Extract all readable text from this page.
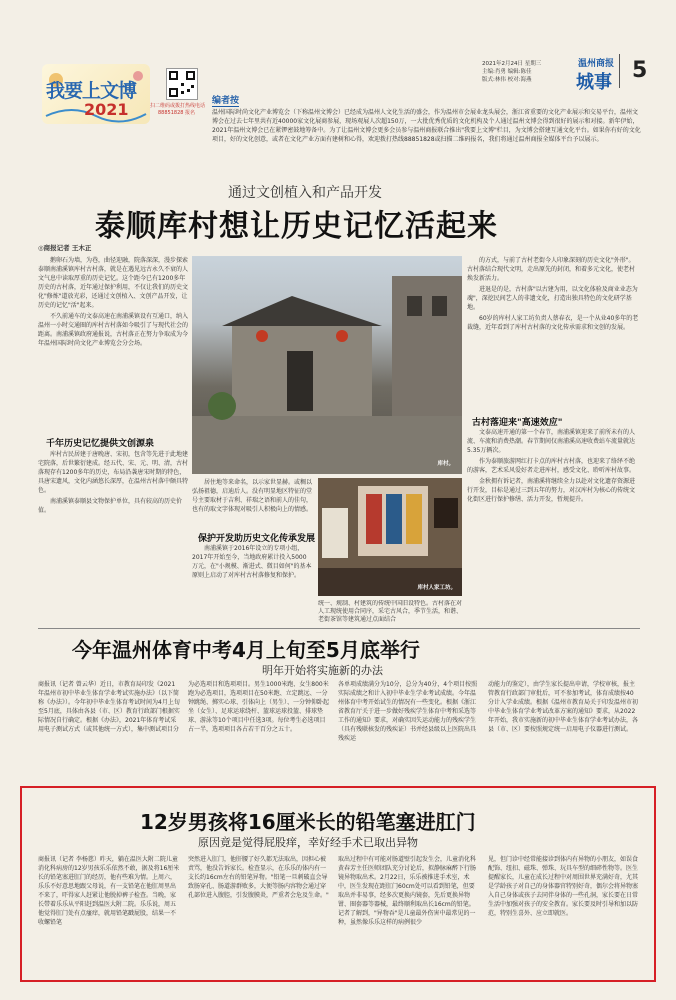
我要上文博
2021	扫二维码或拨打热线电话
88851828 报名
2021年2月24日 星期三
主编:肖勇 编辑:陈佳
版式:林伟 校对:海燕
温州商报
城事 5
编者按
温州国际时尚文化产业博览会（下称温州文博会）已经成为温州人文化生活的盛会，作为温州市会展业龙头展会，浙江省重要的文化产业展示和交易平台，温州文博会在过去七年里共有近40000家文化展商参展，现场观展人次超150万，一大批优秀优质的文化机构及个人通过温州文博会得到很好的展示和对接。新年伊始，2021年温州文博会已在紧锣密鼓地筹备中。为了让温州文博会更多会员参与温州商报联合推出"我要上文博"栏目，为文博会搭建互通文化平台。如果你有好的文化项目，好的文化创意，或者在文化产业方面有建树和心得，欢迎拨打热线88851828或扫描二维码报名，我们将通过温州商报全媒体平台予以展示。
通过文创植入和产品开发
泰顺库村想让历史记忆活起来
◎商报记者 王木正

鹅卵石为墙，为巷，曲径迎融，院落深深，漫步探索泰顺南浦溪镇库村古村落，就是在遇见远古永久不衰的人文气息中读取厚重的历史记忆。这个距今已有1200多年历史的古村落，近年通过保护利用，不仅让我们的历史文化"修炼"道放光彩，还通过文创植入、文创产品开发，让历史的记忆"活"起来。

不久前通车的文泰高速在南浦溪镇设有互通口，纳入温州一小时交通圈的库村古村落如今吸引了与现代社会的距离。南浦溪镇政府通报说，古村落正在努力争取成为今年温州国际时尚文化产业博览会分会场。

千年历史记忆提供文创源泉

库村古民居建于唐晚唐、宋初，包含等先进于此地建宅院落，后世繁衍建成。经五代、宋、元、明、清，古村落现存有1200多年的历史，布局沿袭唐宋时期的特色，具唐宋遗风，文化内涵悠长深厚，在温州古村落中颇具特色。

南浦溪镇泰顺县文物保护单位，具有较高的历史价值。

库村。

居住地等来命名，以示家世显赫。或稠以弘扬祖德，启迪后人。没有明显地区特征的堂号主要取材于吉利、祥瑞之语和前人的佳句，也有的取文字体现对吸引人积极向上的情感。

保护开发助历史文化传承发展

南浦溪镇于2016年设立的专项小组，2017年开始至今，当地政府累计投入5000万元，在"小规模、渐进式、微目如何"的基本原则上启动了对库村古村落修复和保护。

库村人家工坊。
统一、规制、村建筑的传统中国旧设特色。古村落在对人工现统使用合同序，采宅古风合，季节生活，和谐、老街茶馆等建筑通过点面结合

的方式，与前了古村老街今人印象深刻的历史文化"外形"。古村落结合现代文明，走出原先的封闭，和着多元文化，使老村焕发新活力。

进退是的是，古村落"以古建为用，以文化体验及商业业态为魂"，深挖民间艺人的非遗文化，打造出独具特色的文化研学基地。

60岁的库村人家工坊负责人蔡春衣，是一个从业40多年的老裁缝，近年看到了库村古村落的文化传承需求和文创的发展。

古村落迎来"高速效应"

文泰高速开通的第一个春节，南浦溪镇迎来了前所未有的人流、车流和消费热潮。春节期间仅南浦溪高速收费站车流量就达5.35万辆次。

作为泰顺旅游网红打卡点的库村古村落，也迎来了络绎不绝的游客，艺术采风爱好者走进库村，感受文化、聆听库村故事。

金秋拥有诉记者，南浦溪将继续全力以赴对文化遗存资源进行开发，目标是通过三到五年的努力，对汉库村为核心的传统文化街区进行保护修缮、活力开发，暂规提升。

今年温州体育中考4月上旬至5月底举行
明年开始将实施新的办法
商报讯（记者 曾云华）近日，市教育局印发《2021年温州市初中毕业生体育学业考试实施办法》（以下简称《办法》）。今年初中毕业生体育考试时间为4月上旬至5月底，具体由各县（市、区）教育行政部门根据实际情况自行确定。根据《办法》，2021年体育考试采用电子测试方式（或其他统一方式），集中测试项目分
为必选项目和选项项目。男生1000米跑、女生800米跑为必选项目，选项项目在50米跑、立定跳远、一分钟跳绳、掷实心球、引体向上（男生）、一分钟仰卧起坐（女生）、足球运球绕杆、篮球运球投篮、排球垫球、游泳等10个项目中任选3项。每位考生必选项目占一半，选项项目各占若干百分之五十。
各单项成绩满分为10分，总分为40分，4个项目按照实际成绩之和计入初中毕业生学业考试成绩。今年温州体育中考开始试生的情况有一些变化。根据《浙江省教育厅关于进一步做好残疾学生体育中考和采选等工作的通知》要求，对确实因失运动能力的残疾学生（具有残联核发的残疾证）书并经县级以上医院出具残疾运
动能力的鉴定），由学生家长提出申请，学校审核，报主管教育行政部门审批后，可不参加考试，体育成绩按40分计入学业成绩。根据《温州市教育局关于印发温州市初中毕业生体育学业考试改革方案的通知》要求，从2022年开始，我市实施新的初中毕业生体育学业考试办法，各县（市、区）要按照规定统一启用电子仪器进行测试。
12岁男孩将16厘米长的铅笔塞进肛门
原因竟是觉得屁股痒，幸好经手术已取出异物
商报讯（记者 李杨慈）昨天，躺在温医大附二院儿童消化科病房的12岁男孩乐乐依然不敢，据及将16厘米长的铅笔塞进肛门的经历，他有些难为情。上周六，乐乐不好意思地跟父母说，有一支铅笔在他肛周里出不来了，吓得家人赶紧让他脱掉裤子检查。当晚，家长带着乐乐从平阳赶到温医大附二院。乐乐说，周五他觉得肛门处有点瘙痒，就用铅笔戳屁股，结果一不收螺铅笔
突然进入肛门，他肝腰了好久都无法取出，因担心被责骂，他没告诉家长。检查显示，在乐乐的体内有一支长约16cm左右的铅笔异物。"铅笔一旦刺破直会导致肠穿孔、肠道游群败多，大便等肠内容物会通过穿孔部位进入腹腔，引发腹膜炎，严重者会危及生命。"
取出过程中有可能对肠道壁引起发生会，儿童消化科黄春芳主任医师团队充分讨论后，拟静脉麻醉下行肠镜异物取出术。2月22日，乐乐被推进手术室，术中，医生发现在距肛门60cm处可以看到铅笔，但要取出并非易事，经多次更换内镜套，先后更换异物钳、圈套器等器械，最终顺利取出长16cm的铅笔。记者了解到，"异物吞"是儿童最外伤害中最常见的一种，虽然像乐乐这样的病例很少
见，但门诊中经常能接诊到体内有异物的小朋友，如误食配饰、纽扣、磁珠、弹珠、玩具车型的细碎性物等。医生提醒家长，儿童在成长过程中对周围世界充满好奇，尤其是学龄孩子对自己的身体器官特别好奇，偶尔会将异物塞入自己身体或孩子去同伴身体的一些孔洞，家长要在日常生活中加强对孩子的安全教育。家长要及时引导和加以防范，特别生喜外、应立即就医。
